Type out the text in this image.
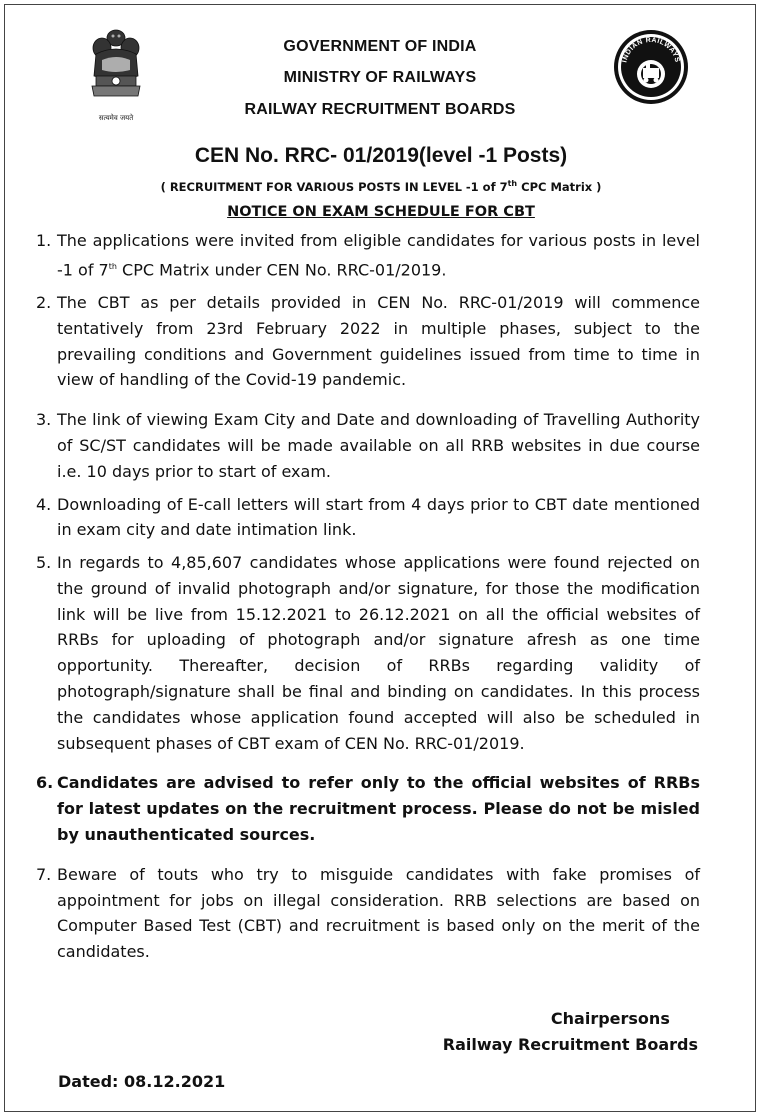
सत्यमेव जयते
INDIAN RAILWAYS
GOVERNMENT OF INDIA
MINISTRY OF RAILWAYS
RAILWAY RECRUITMENT BOARDS
CEN No. RRC- 01/2019(level -1 Posts)
( RECRUITMENT FOR VARIOUS POSTS IN LEVEL -1 of 7th CPC Matrix )
NOTICE ON EXAM SCHEDULE FOR CBT
1. The applications were invited from eligible candidates for various posts in level -1 of 7th CPC Matrix under CEN No. RRC-01/2019.
2. The CBT as per details provided in CEN No. RRC-01/2019 will commence tentatively from 23rd February 2022 in multiple phases, subject to the prevailing conditions and Government guidelines issued from time to time in view of handling of the Covid-19 pandemic.
3. The link of viewing Exam City and Date and downloading of Travelling Authority of SC/ST candidates will be made available on all RRB websites in due course i.e. 10 days prior to start of exam.
4. Downloading of E-call letters will start from 4 days prior to CBT date mentioned in exam city and date intimation link.
5. In regards to 4,85,607 candidates whose applications were found rejected on the ground of invalid photograph and/or signature, for those the modification link will be live from 15.12.2021 to 26.12.2021 on all the official websites of RRBs for uploading of photograph and/or signature afresh as one time opportunity. Thereafter, decision of RRBs regarding validity of photograph/signature shall be final and binding on candidates. In this process the candidates whose application found accepted will also be scheduled in subsequent phases of CBT exam of CEN No. RRC-01/2019.
6. Candidates are advised to refer only to the official websites of RRBs for latest updates on the recruitment process. Please do not be misled by unauthenticated sources.
7. Beware of touts who try to misguide candidates with fake promises of appointment for jobs on illegal consideration. RRB selections are based on Computer Based Test (CBT) and recruitment is based only on the merit of the candidates.
Chairpersons
Railway Recruitment Boards
Dated: 08.12.2021
